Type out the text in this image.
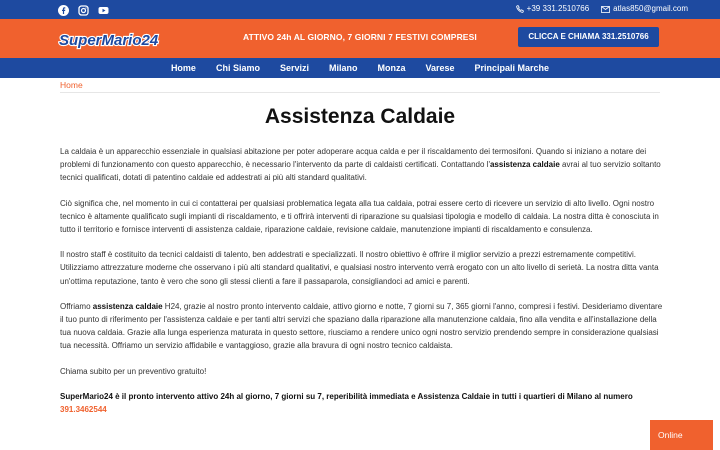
+39 331.2510766	atlas850@gmail.com
SuperMario24	ATTIVO 24h AL GIORNO, 7 GIORNI 7 FESTIVI COMPRESI	CLICCA E CHIAMA 331.2510766
Home	Chi Siamo	Servizi	Milano	Monza	Varese	Principali Marche
Home
Assistenza Caldaie

La caldaia è un apparecchio essenziale in qualsiasi abitazione per poter adoperare acqua calda e per il riscaldamento dei termosifoni. Quando si iniziano a notare dei problemi di funzionamento con questo apparecchio, è necessario l'intervento da parte di caldaisti certificati. Contattando l'assistenza caldaie avrai al tuo servizio soltanto tecnici qualificati, dotati di patentino caldaie ed addestrati ai più alti standard qualitativi.

Ciò significa che, nel momento in cui ci contatterai per qualsiasi problematica legata alla tua caldaia, potrai essere certo di ricevere un servizio di alto livello. Ogni nostro tecnico è altamente qualificato sugli impianti di riscaldamento, e ti offrirà interventi di riparazione su qualsiasi tipologia e modello di caldaia. La nostra ditta è conosciuta in tutto il territorio e fornisce interventi di assistenza caldaie, riparazione caldaie, revisione caldaie, manutenzione impianti di riscaldamento e consulenza.

Il nostro staff è costituito da tecnici caldaisti di talento, ben addestrati e specializzati. Il nostro obiettivo è offrire il miglior servizio a prezzi estremamente competitivi. Utilizziamo attrezzature moderne che osservano i più alti standard qualitativi, e qualsiasi nostro intervento verrà erogato con un alto livello di serietà. La nostra ditta vanta un'ottima reputazione, tanto è vero che sono gli stessi clienti a fare il passaparola, consigliandoci ad amici e parenti.

Offriamo assistenza caldaie H24, grazie al nostro pronto intervento caldaie, attivo giorno e notte, 7 giorni su 7, 365 giorni l'anno, compresi i festivi. Desideriamo diventare il tuo punto di riferimento per l'assistenza caldaie e per tanti altri servizi che spaziano dalla riparazione alla manutenzione caldaia, fino alla vendita e all'installazione della tua nuova caldaia. Grazie alla lunga esperienza maturata in questo settore, riusciamo a rendere unico ogni nostro servizio prendendo sempre in considerazione qualsiasi tua necessità. Offriamo un servizio affidabile e vantaggioso, grazie alla bravura di ogni nostro tecnico caldaista.

Chiama subito per un preventivo gratuito!

SuperMario24 è il pronto intervento attivo 24h al giorno, 7 giorni su 7, reperibilità immediata e Assistenza Caldaie in tutti i quartieri di Milano al numero 391.3462544

Online
